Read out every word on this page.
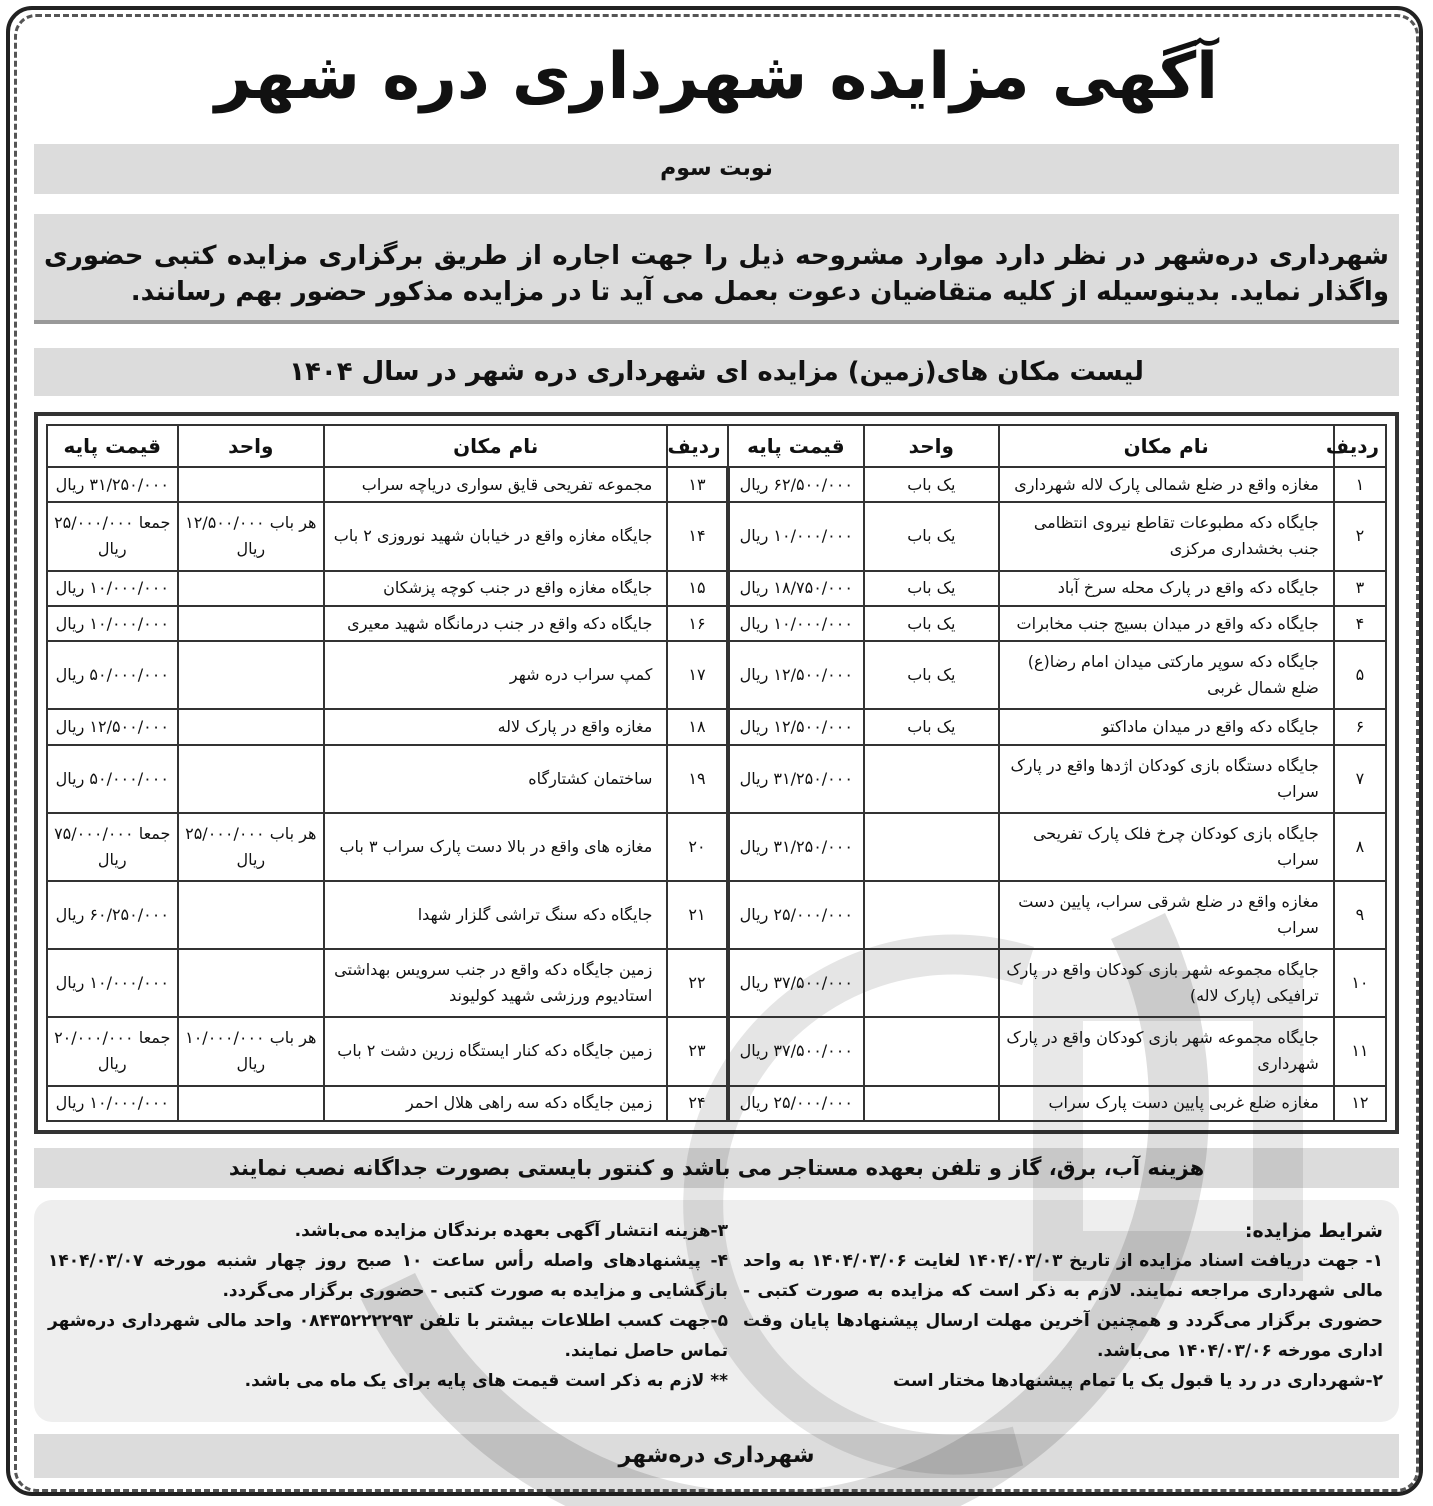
آگهی مزایده شهرداری دره شهر
نوبت سوم
شهرداری دره‌شهر در نظر دارد موارد مشروحه ذیل را جهت اجاره از طریق برگزاری مزایده کتبی حضوری واگذار نماید. بدینوسیله از کلیه متقاضیان دعوت بعمل می آید تا در مزایده مذکور حضور بهم رسانند.
لیست مکان های(زمین) مزایده ای شهرداری دره شهر در سال ۱۴۰۴
ردیف	نام مکان	واحد	قیمت پایه	ردیف	نام مکان	واحد	قیمت پایه
۱	مغازه واقع در ضلع شمالی پارک لاله شهرداری	یک باب	۶۲/۵۰۰/۰۰۰ ریال	۱۳	مجموعه تفریحی قایق سواری دریاچه سراب		۳۱/۲۵۰/۰۰۰ ریال
۲	جایگاه دکه مطبوعات تقاطع نیروی انتظامی جنب بخشداری مرکزی	یک باب	۱۰/۰۰۰/۰۰۰ ریال	۱۴	جایگاه مغازه واقع در خیابان شهید نوروزی ۲ باب	هر باب ۱۲/۵۰۰/۰۰۰ ریال	جمعا ۲۵/۰۰۰/۰۰۰ ریال
۳	جایگاه دکه واقع در پارک محله سرخ آباد	یک باب	۱۸/۷۵۰/۰۰۰ ریال	۱۵	جایگاه مغازه واقع در جنب کوچه پزشکان		۱۰/۰۰۰/۰۰۰ ریال
۴	جایگاه دکه واقع در میدان بسیج جنب مخابرات	یک باب	۱۰/۰۰۰/۰۰۰ ریال	۱۶	جایگاه دکه واقع در جنب درمانگاه شهید معیری		۱۰/۰۰۰/۰۰۰ ریال
۵	جایگاه دکه سوپر مارکتی میدان امام رضا(ع) ضلع شمال غربی	یک باب	۱۲/۵۰۰/۰۰۰ ریال	۱۷	کمپ سراب دره شهر		۵۰/۰۰۰/۰۰۰ ریال
۶	جایگاه دکه واقع در میدان ماداکتو	یک باب	۱۲/۵۰۰/۰۰۰ ریال	۱۸	مغازه واقع در پارک لاله		۱۲/۵۰۰/۰۰۰ ریال
۷	جایگاه دستگاه بازی کودکان اژدها واقع در پارک سراب		۳۱/۲۵۰/۰۰۰ ریال	۱۹	ساختمان کشتارگاه		۵۰/۰۰۰/۰۰۰ ریال
۸	جایگاه بازی کودکان چرخ فلک پارک تفریحی سراب		۳۱/۲۵۰/۰۰۰ ریال	۲۰	مغازه های واقع در بالا دست پارک سراب ۳ باب	هر باب ۲۵/۰۰۰/۰۰۰ ریال	جمعا ۷۵/۰۰۰/۰۰۰ ریال
۹	مغازه واقع در ضلع شرقی سراب، پایین دست سراب		۲۵/۰۰۰/۰۰۰ ریال	۲۱	جایگاه دکه سنگ تراشی گلزار شهدا		۶۰/۲۵۰/۰۰۰ ریال
۱۰	جایگاه مجموعه شهر بازی کودکان واقع در پارک ترافیکی (پارک لاله)		۳۷/۵۰۰/۰۰۰ ریال	۲۲	زمین جایگاه دکه واقع در جنب سرویس بهداشتی استادیوم ورزشی شهید کولیوند		۱۰/۰۰۰/۰۰۰ ریال
۱۱	جایگاه مجموعه شهر بازی کودکان واقع در پارک شهرداری		۳۷/۵۰۰/۰۰۰ ریال	۲۳	زمین جایگاه دکه کنار ایستگاه زرین دشت ۲ باب	هر باب ۱۰/۰۰۰/۰۰۰ ریال	جمعا ۲۰/۰۰۰/۰۰۰ ریال
۱۲	مغازه ضلع غربی پایین دست پارک سراب		۲۵/۰۰۰/۰۰۰ ریال	۲۴	زمین جایگاه دکه سه راهی هلال احمر		۱۰/۰۰۰/۰۰۰ ریال
هزینه آب، برق، گاز و تلفن بعهده مستاجر می باشد و کنتور بایستی بصورت جداگانه نصب نمایند
شرایط مزایده:

۱- جهت دریافت اسناد مزایده از تاریخ ۱۴۰۴/۰۳/۰۳ لغایت ۱۴۰۴/۰۳/۰۶ به واحد مالی شهرداری مراجعه نمایند. لازم به ذکر است که مزایده به صورت کتبی - حضوری برگزار می‌گردد و همچنین آخرین مهلت ارسال پیشنهادها پایان وقت اداری مورخه ۱۴۰۴/۰۳/۰۶ می‌باشد.

۲-شهرداری در رد یا قبول یک یا تمام پیشنهادها مختار است

۳-هزینه انتشار آگهی بعهده برندگان مزایده می‌باشد.

۴- پیشنهادهای واصله رأس ساعت ۱۰ صبح روز چهار شنبه مورخه ۱۴۰۴/۰۳/۰۷ بازگشایی و مزایده به صورت کتبی - حضوری برگزار می‌گردد.

۵-جهت کسب اطلاعات بیشتر با تلفن ۰۸۴۳۵۲۲۲۲۹۳ واحد مالی شهرداری دره‌شهر تماس حاصل نمایند.

** لازم به ذکر است قیمت های پایه برای یک ماه می باشد.

شهرداری دره‌شهر
